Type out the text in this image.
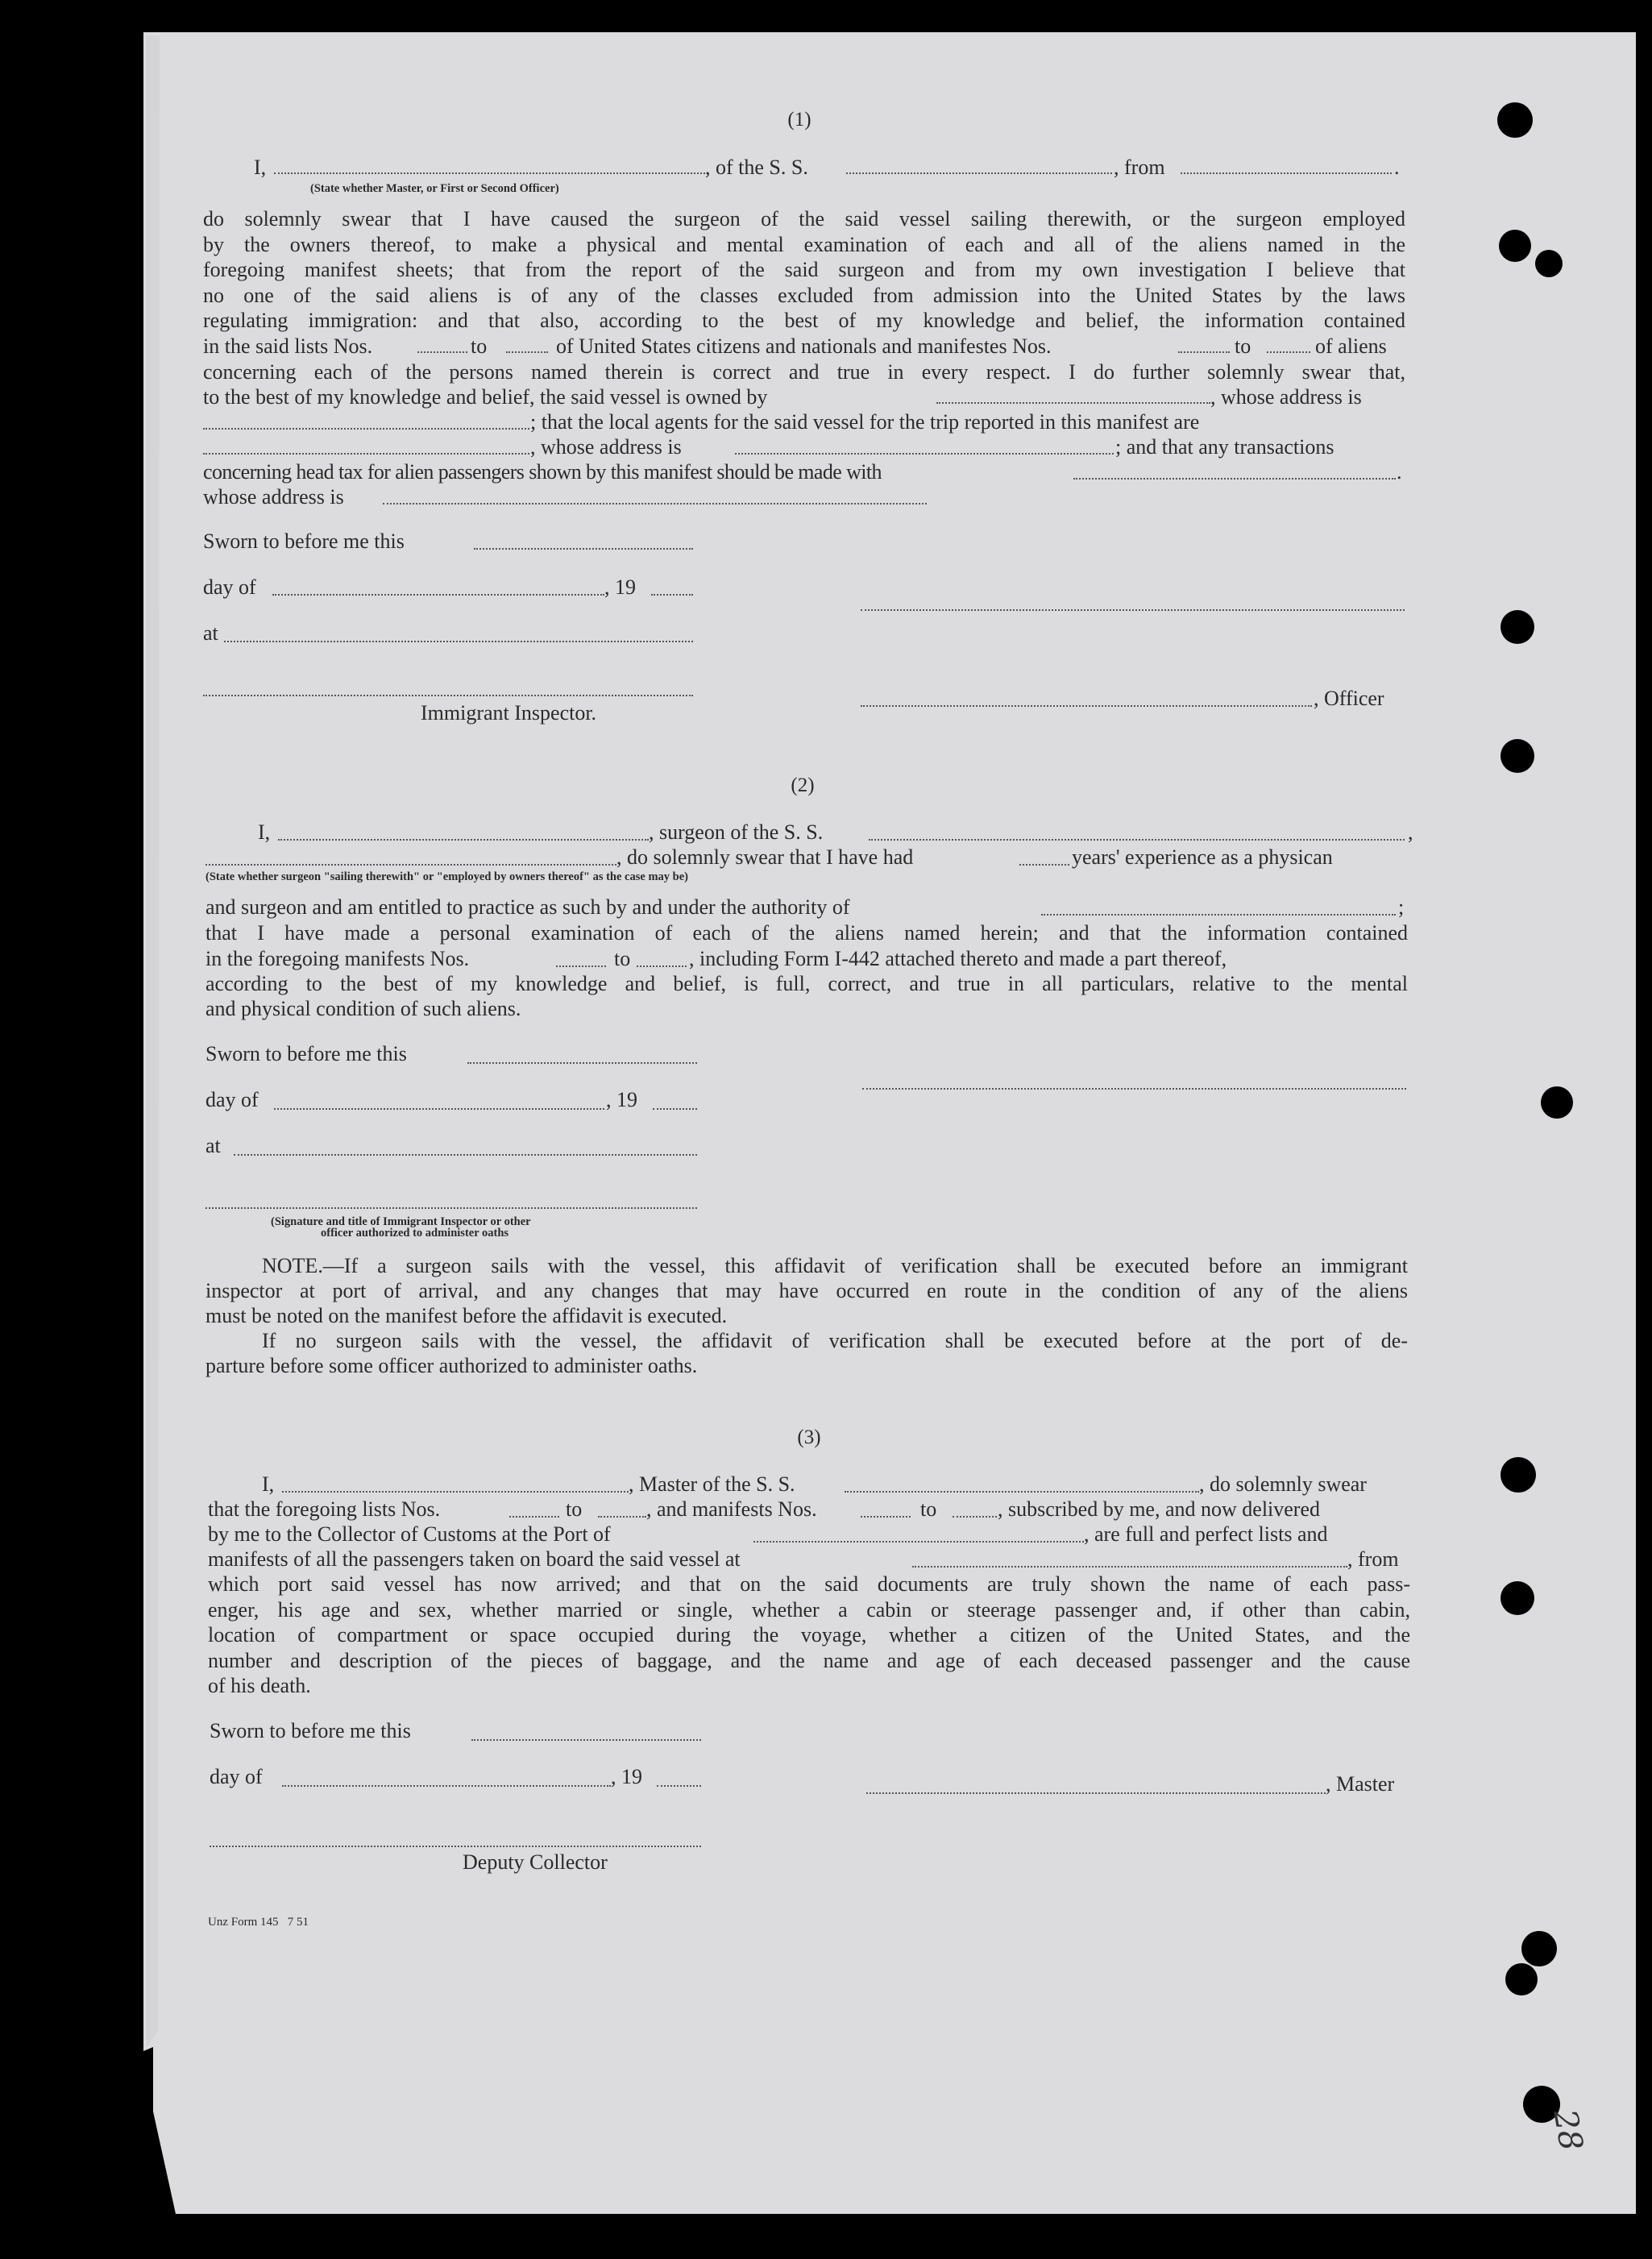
(1)
I,	, of the S. S.	, from	.
(State whether Master, or First or Second Officer)
do solemnly swear that I have caused the surgeon of the said vessel sailing therewith, or the surgeon employed
by the owners thereof, to make a physical and mental examination of each and all of the aliens named in the
foregoing manifest sheets; that from the report of the said surgeon and from my own investigation I believe that
no one of the said aliens is of any of the classes excluded from admission into the United States by the laws
regulating immigration: and that also, according to the best of my knowledge and belief, the information contained
in the said lists Nos.	to	of United States citizens and nationals and manifestes Nos.	to	of aliens
concerning each of the persons named therein is correct and true in every respect. I do further solemnly swear that,
to the best of my knowledge and belief, the said vessel is owned by	, whose address is
; that the local agents for the said vessel for the trip reported in this manifest are
, whose address is	; and that any transactions
concerning head tax for alien passengers shown by this manifest should be made with	.
whose address is
Sworn to before me this
day of	, 19
at
, Officer
Immigrant Inspector.
(2)
I,	, surgeon of the S. S.	,
, do solemnly swear that I have had	years' experience as a physican
(State whether surgeon "sailing therewith" or "employed by owners thereof" as the case may be)
and surgeon and am entitled to practice as such by and under the authority of	;
that I have made a personal examination of each of the aliens named herein; and that the information contained
in the foregoing manifests Nos.	to	, including Form I-442 attached thereto and made a part thereof,
according to the best of my knowledge and belief, is full, correct, and true in all particulars, relative to the mental
and physical condition of such aliens.
Sworn to before me this
day of	, 19
at
(Signature and title of Immigrant Inspector or other
officer authorized to administer oaths
NOTE.—If a surgeon sails with the vessel, this affidavit of verification shall be executed before an immigrant
inspector at port of arrival, and any changes that may have occurred en route in the condition of any of the aliens
must be noted on the manifest before the affidavit is executed.
If no surgeon sails with the vessel, the affidavit of verification shall be executed before at the port of de-
parture before some officer authorized to administer oaths.
(3)
I,	, Master of the S. S.	, do solemnly swear
that the foregoing lists Nos.	to	, and manifests Nos.	to	, subscribed by me, and now delivered
by me to the Collector of Customs at the Port of	, are full and perfect lists and
manifests of all the passengers taken on board the said vessel at	, from
which port said vessel has now arrived; and that on the said documents are truly shown the name of each pass-
enger, his age and sex, whether married or single, whether a cabin or steerage passenger and, if other than cabin,
location of compartment or space occupied during the voyage, whether a citizen of the United States, and the
number and description of the pieces of baggage, and the name and age of each deceased passenger and the cause
of his death.
Sworn to before me this
day of	, 19	, Master
Deputy Collector
Unz Form 145   7 51
28
